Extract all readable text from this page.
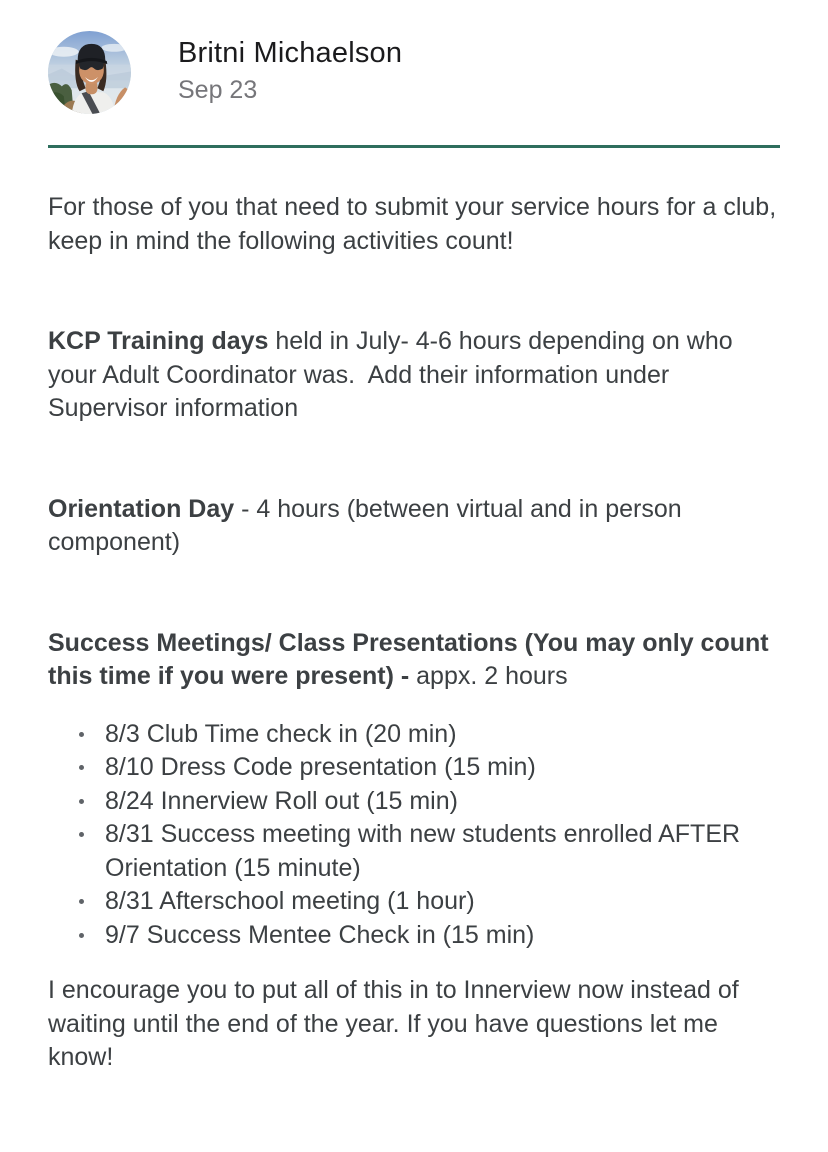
Britni Michaelson
Sep 23

For those of you that need to submit your service hours for a club, keep in mind the following activities count!

KCP Training days held in July- 4-6 hours depending on who your Adult Coordinator was.  Add their information under Supervisor information

Orientation Day - 4 hours (between virtual and in person component)

Success Meetings/ Class Presentations (You may only count this time if you were present) - appx. 2 hours

8/3 Club Time check in (20 min)
8/10 Dress Code presentation (15 min)
8/24 Innerview Roll out (15 min)
8/31 Success meeting with new students enrolled AFTER Orientation (15 minute)
8/31 Afterschool meeting (1 hour)
9/7 Success Mentee Check in (15 min)

I encourage you to put all of this in to Innerview now instead of waiting until the end of the year. If you have questions let me know!
